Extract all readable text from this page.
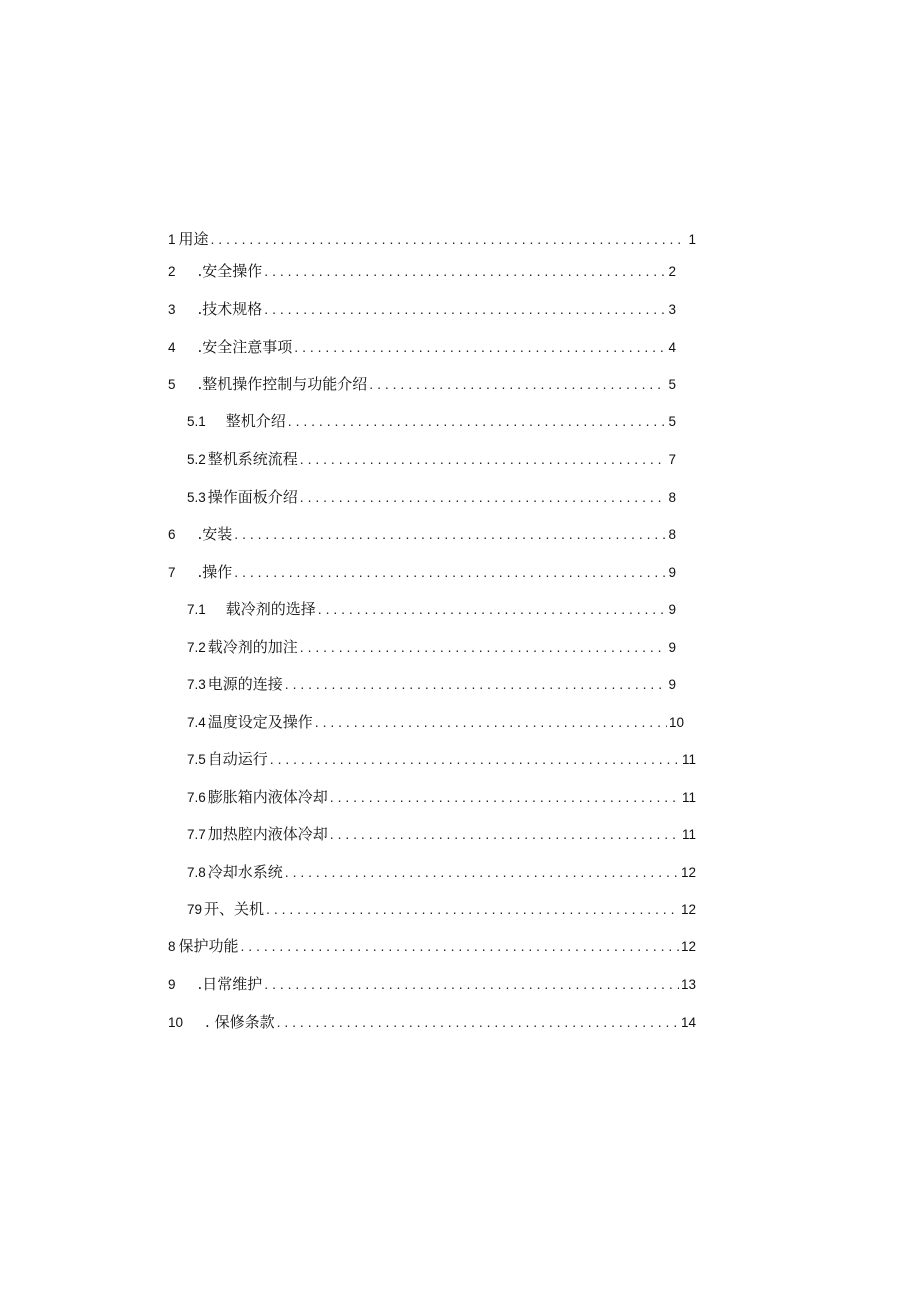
1 用途 . . .	1
2 .安全操作 . . .	2
3 .技术规格 . . .	3
4 .安全注意事项 . . .	4
5 .整机操作控制与功能介绍 . . .	5
5.1 整机介绍 . . .	5
5.2 整机系统流程 . . .	7
5.3 操作面板介绍 . . .	8
6 .安装 . . .	8
7 .操作 . . .	9
7.1 载冷剂的选择 . . .	9
7.2 载冷剂的加注 . . .	9
7.3 电源的连接 . . .	9
7.4 温度设定及操作 . . .	10
7.5 自动运行 . . .	11
7.6 膨胀箱内液体冷却 . . .	11
7.7 加热腔内液体冷却 . . .	11
7.8 冷却水系统 . . .	12
79 开、关机 . . .	12
8 保护功能 . . .	12
9 .日常维护 . . .	13
10 . 保修条款 . . .	14
